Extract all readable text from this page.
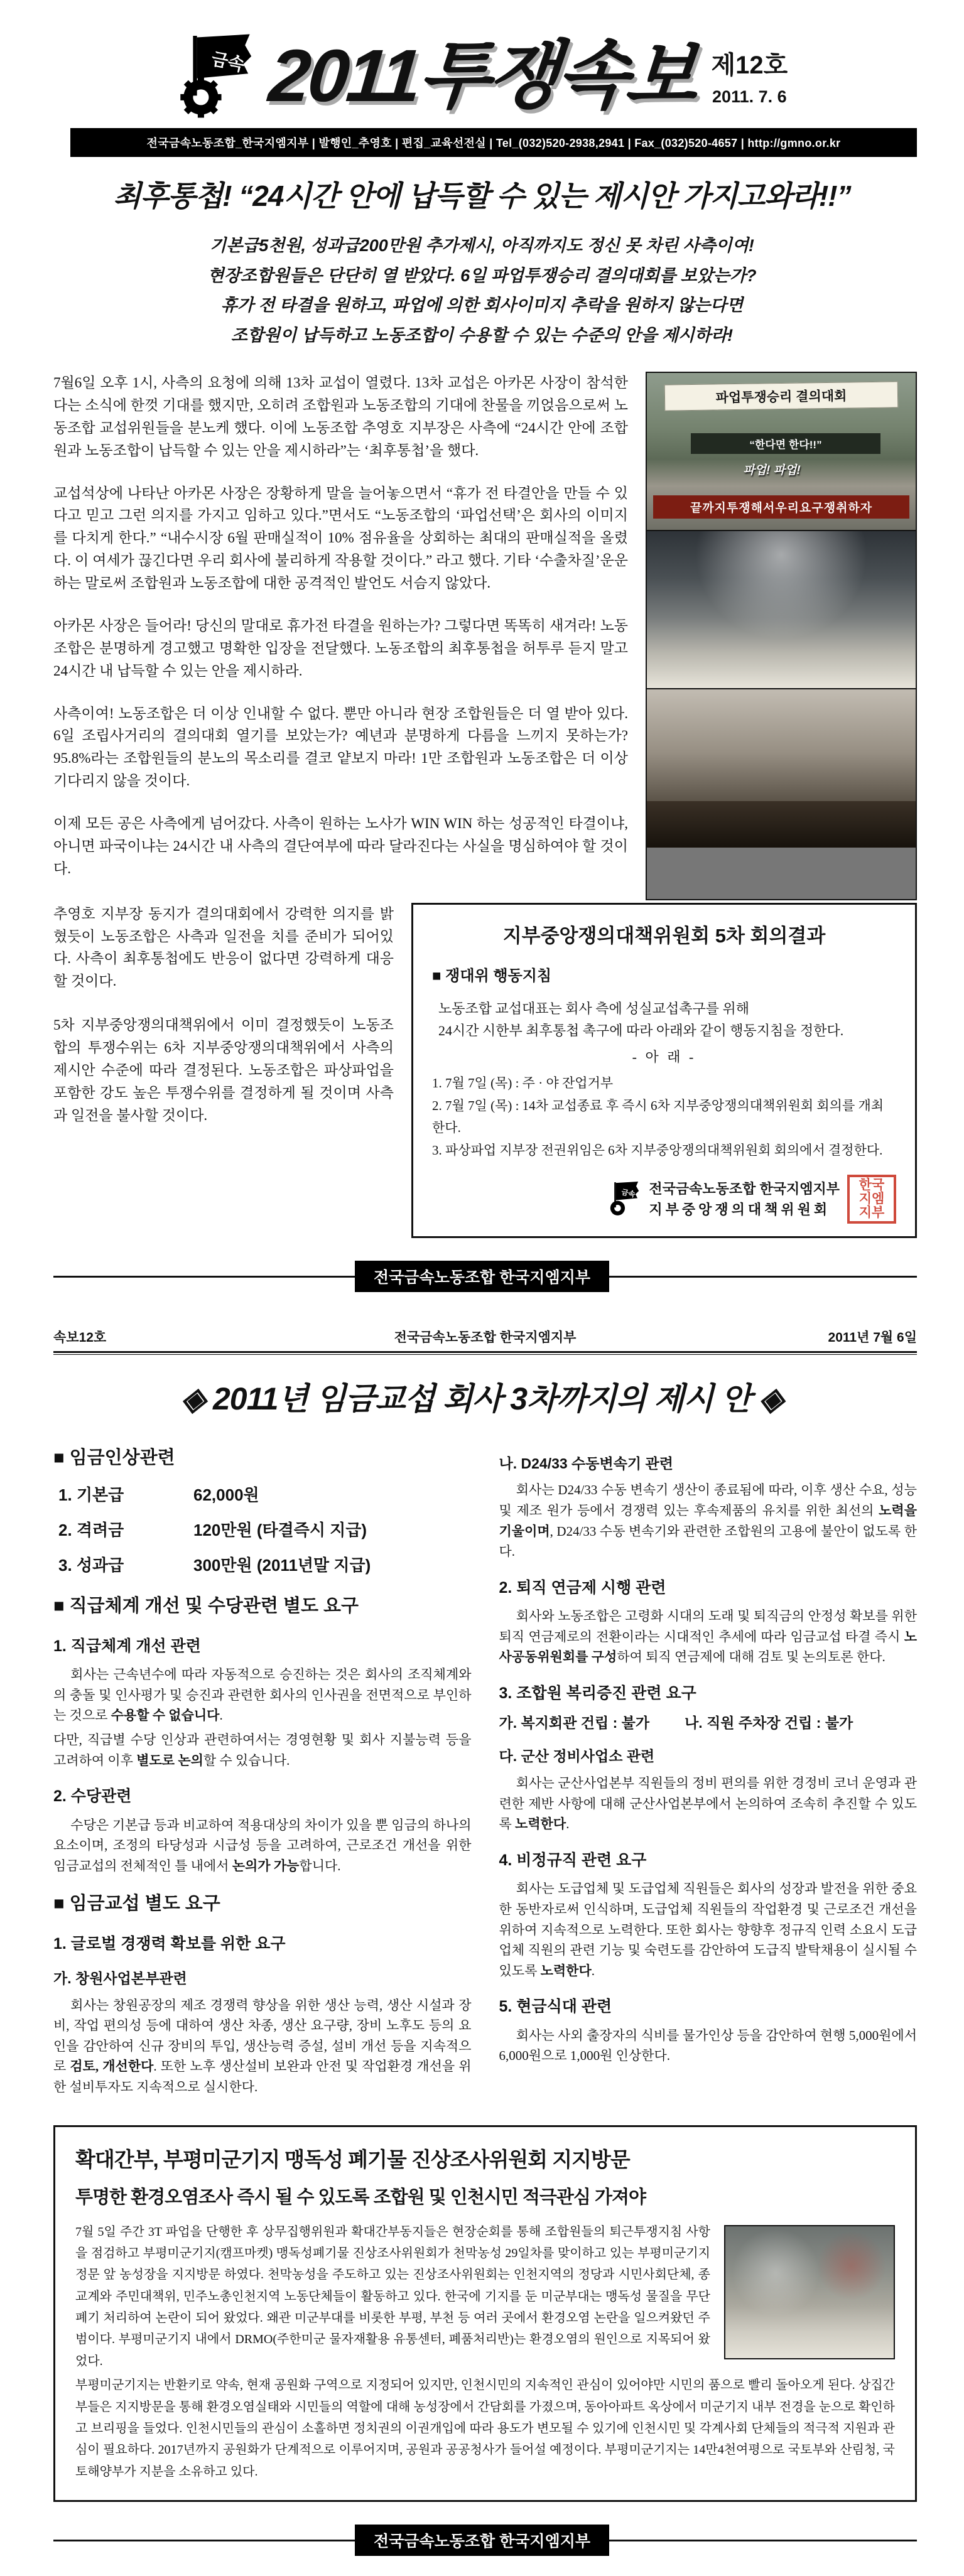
금속 2011투쟁속보 제12호
2011. 7. 6
전국금속노동조합_한국지엠지부 | 발행인_추영호 | 편집_교육선전실 | Tel_(032)520-2938,2941 | Fax_(032)520-4657 | http://gmno.or.kr
최후통첩! “24시간 안에 납득할 수 있는 제시안 가지고와라!!”
기본급5천원, 성과급200만원 추가제시, 아직까지도 정신 못 차린 사측이여!
현장조합원들은 단단히 열 받았다. 6일 파업투쟁승리 결의대회를 보았는가?
휴가 전 타결을 원하고, 파업에 의한 회사이미지 추락을 원하지 않는다면
조합원이 납득하고 노동조합이 수용할 수 있는 수준의 안을 제시하라!

7월6일 오후 1시, 사측의 요청에 의해 13차 교섭이 열렸다. 13차 교섭은 아카몬 사장이 참석한다는 소식에 한껏 기대를 했지만, 오히려 조합원과 노동조합의 기대에 찬물을 끼얹음으로써 노동조합 교섭위원들을 분노케 했다. 이에 노동조합 추영호 지부장은 사측에 “24시간 안에 조합원과 노동조합이 납득할 수 있는 안을 제시하라”는 ‘최후통첩’을 했다.

교섭석상에 나타난 아카몬 사장은 장황하게 말을 늘어놓으면서 “휴가 전 타결안을 만들 수 있다고 믿고 그런 의지를 가지고 임하고 있다.”면서도 “노동조합의 ‘파업선택’은 회사의 이미지를 다치게 한다.” “내수시장 6월 판매실적이 10% 점유율을 상회하는 최대의 판매실적을 올렸다. 이 여세가 끊긴다면 우리 회사에 불리하게 작용할 것이다.” 라고 했다. 기타 ‘수출차질’운운하는 말로써 조합원과 노동조합에 대한 공격적인 발언도 서슴지 않았다.

아카몬 사장은 들어라! 당신의 말대로 휴가전 타결을 원하는가? 그렇다면 똑똑히 새겨라! 노동조합은 분명하게 경고했고 명확한 입장을 전달했다. 노동조합의 최후통첩을 허투루 듣지 말고 24시간 내 납득할 수 있는 안을 제시하라.

사측이여! 노동조합은 더 이상 인내할 수 없다. 뿐만 아니라 현장 조합원들은 더 열 받아 있다. 6일 조립사거리의 결의대회 열기를 보았는가? 예년과 분명하게 다름을 느끼지 못하는가? 95.8%라는 조합원들의 분노의 목소리를 결코 얕보지 마라! 1만 조합원과 노동조합은 더 이상 기다리지 않을 것이다.

이제 모든 공은 사측에게 넘어갔다. 사측이 원하는 노사가 WIN WIN 하는 성공적인 타결이냐, 아니면 파국이냐는 24시간 내 사측의 결단여부에 따라 달라진다는 사실을 명심하여야 할 것이다.

파업투쟁승리 결의대회
“한다면 한다!!”
파업! 파업!
끝까지투쟁해서우리요구쟁취하자

추영호 지부장 동지가 결의대회에서 강력한 의지를 밝혔듯이 노동조합은 사측과 일전을 치를 준비가 되어있다. 사측이 최후통첩에도 반응이 없다면 강력하게 대응할 것이다.

5차 지부중앙쟁의대책위에서 이미 결정했듯이 노동조합의 투쟁수위는 6차 지부중앙쟁의대책위에서 사측의 제시안 수준에 따라 결정된다. 노동조합은 파상파업을 포함한 강도 높은 투쟁수위를 결정하게 될 것이며 사측과 일전을 불사할 것이다.

지부중앙쟁의대책위원회 5차 회의결과
■ 쟁대위 행동지침
노동조합 교섭대표는 회사 측에 성실교섭촉구를 위해
24시간 시한부 최후통첩 촉구에 따라 아래와 같이 행동지침을 정한다.
- 아 래 -
1. 7월 7일 (목) : 주 · 야 잔업거부
2. 7월 7일 (목) : 14차 교섭종료 후 즉시 6차 지부중앙쟁의대책위원회 회의를 개최한다.
3. 파상파업 지부장 전권위임은 6차 지부중앙쟁의대책위원회 회의에서 결정한다.
금속 전국금속노동조합 한국지엠지부
지부중앙쟁의대책위원회
한국지엠지부
전국금속노동조합 한국지엠지부
속보12호	전국금속노동조합 한국지엠지부	2011년 7월 6일
◈ 2011년 임금교섭 회사 3차까지의 제시 안 ◈
■ 임금인상관련
1. 기본급	62,000원
2. 격려금	120만원 (타결즉시 지급)
3. 성과급	300만원 (2011년말 지급)
■ 직급체계 개선 및 수당관련 별도 요구
1. 직급체계 개선 관련

회사는 근속년수에 따라 자동적으로 승진하는 것은 회사의 조직체계와의 충돌 및 인사평가 및 승진과 관련한 회사의 인사권을 전면적으로 부인하는 것으로 수용할 수 없습니다.

다만, 직급별 수당 인상과 관련하여서는 경영현황 및 회사 지불능력 등을 고려하여 이후 별도로 논의할 수 있습니다.

2. 수당관련

수당은 기본급 등과 비교하여 적용대상의 차이가 있을 뿐 임금의 하나의 요소이며, 조정의 타당성과 시급성 등을 고려하여, 근로조건 개선을 위한 임금교섭의 전체적인 틀 내에서 논의가 가능합니다.

■ 임금교섭 별도 요구
1. 글로벌 경쟁력 확보를 위한 요구
가. 창원사업본부관련

회사는 창원공장의 제조 경쟁력 향상을 위한 생산 능력, 생산 시설과 장비, 작업 편의성 등에 대하여 생산 차종, 생산 요구량, 장비 노후도 등의 요인을 감안하여 신규 장비의 투입, 생산능력 증설, 설비 개선 등을 지속적으로 검토, 개선한다. 또한 노후 생산설비 보완과 안전 및 작업환경 개선을 위한 설비투자도 지속적으로 실시한다.

나. D24/33 수동변속기 관련

회사는 D24/33 수동 변속기 생산이 종료됨에 따라, 이후 생산 수요, 성능 및 제조 원가 등에서 경쟁력 있는 후속제품의 유치를 위한 최선의 노력을 기울이며, D24/33 수동 변속기와 관련한 조합원의 고용에 불안이 없도록 한다.

2. 퇴직 연금제 시행 관련

회사와 노동조합은 고령화 시대의 도래 및 퇴직금의 안정성 확보를 위한 퇴직 연금제로의 전환이라는 시대적인 추세에 따라 임금교섭 타결 즉시 노사공동위원회를 구성하여 퇴직 연금제에 대해 검토 및 논의토론 한다.

3. 조합원 복리증진 관련 요구
가. 복지회관 건립 : 불가 나. 직원 주차장 건립 : 불가
다. 군산 정비사업소 관련

회사는 군산사업본부 직원들의 정비 편의를 위한 경정비 코너 운영과 관련한 제반 사항에 대해 군산사업본부에서 논의하여 조속히 추진할 수 있도록 노력한다.

4. 비정규직 관련 요구

회사는 도급업체 및 도급업체 직원들은 회사의 성장과 발전을 위한 중요한 동반자로써 인식하며, 도급업체 직원들의 작업환경 및 근로조건 개선을 위하여 지속적으로 노력한다. 또한 회사는 향향후 정규직 인력 소요시 도급업체 직원의 관련 기능 및 숙련도를 감안하여 도급직 발탁채용이 실시될 수 있도록 노력한다.

5. 현금식대 관련

회사는 사외 출장자의 식비를 물가인상 등을 감안하여 현행 5,000원에서 6,000원으로 1,000원 인상한다.

확대간부, 부평미군기지 맹독성 폐기물 진상조사위원회 지지방문
투명한 환경오염조사 즉시 될 수 있도록 조합원 및 인천시민 적극관심 가져야

7월 5일 주간 3T 파업을 단행한 후 상무집행위원과 확대간부동지들은 현장순회를 통해 조합원들의 퇴근투쟁지침 사항을 점검하고 부평미군기지(캠프마켓) 맹독성폐기물 진상조사위원회가 천막농성 29일차를 맞이하고 있는 부평미군기지 정문 앞 농성장을 지지방문 하였다. 천막농성을 주도하고 있는 진상조사위원회는 인천지역의 정당과 시민사회단체, 종교계와 주민대책위, 민주노총인천지역 노동단체들이 활동하고 있다. 한국에 기지를 둔 미군부대는 맹독성 물질을 무단폐기 처리하여 논란이 되어 왔었다. 왜관 미군부대를 비롯한 부평, 부천 등 여러 곳에서 환경오염 논란을 일으켜왔던 주범이다. 부평미군기지 내에서 DRMO(주한미군 물자재활용 유통센터, 폐품처리반)는 환경오염의 원인으로 지목되어 왔었다.

부평미군기지는 반환키로 약속, 현재 공원화 구역으로 지정되어 있지만, 인천시민의 지속적인 관심이 있어야만 시민의 품으로 빨리 돌아오게 된다. 상집간부들은 지지방문을 통해 환경오염실태와 시민들의 역할에 대해 농성장에서 간담회를 가졌으며, 동아아파트 옥상에서 미군기지 내부 전경을 눈으로 확인하고 브리핑을 들었다. 인천시민들의 관심이 소홀하면 정치권의 이권개입에 따라 용도가 변모될 수 있기에 인천시민 및 각계사회 단체들의 적극적 지원과 관심이 필요하다. 2017년까지 공원화가 단계적으로 이루어지며, 공원과 공공청사가 들어설 예정이다. 부평미군기지는 14만4천여평으로 국토부와 산림청, 국토해양부가 지분을 소유하고 있다.

전국금속노동조합 한국지엠지부
